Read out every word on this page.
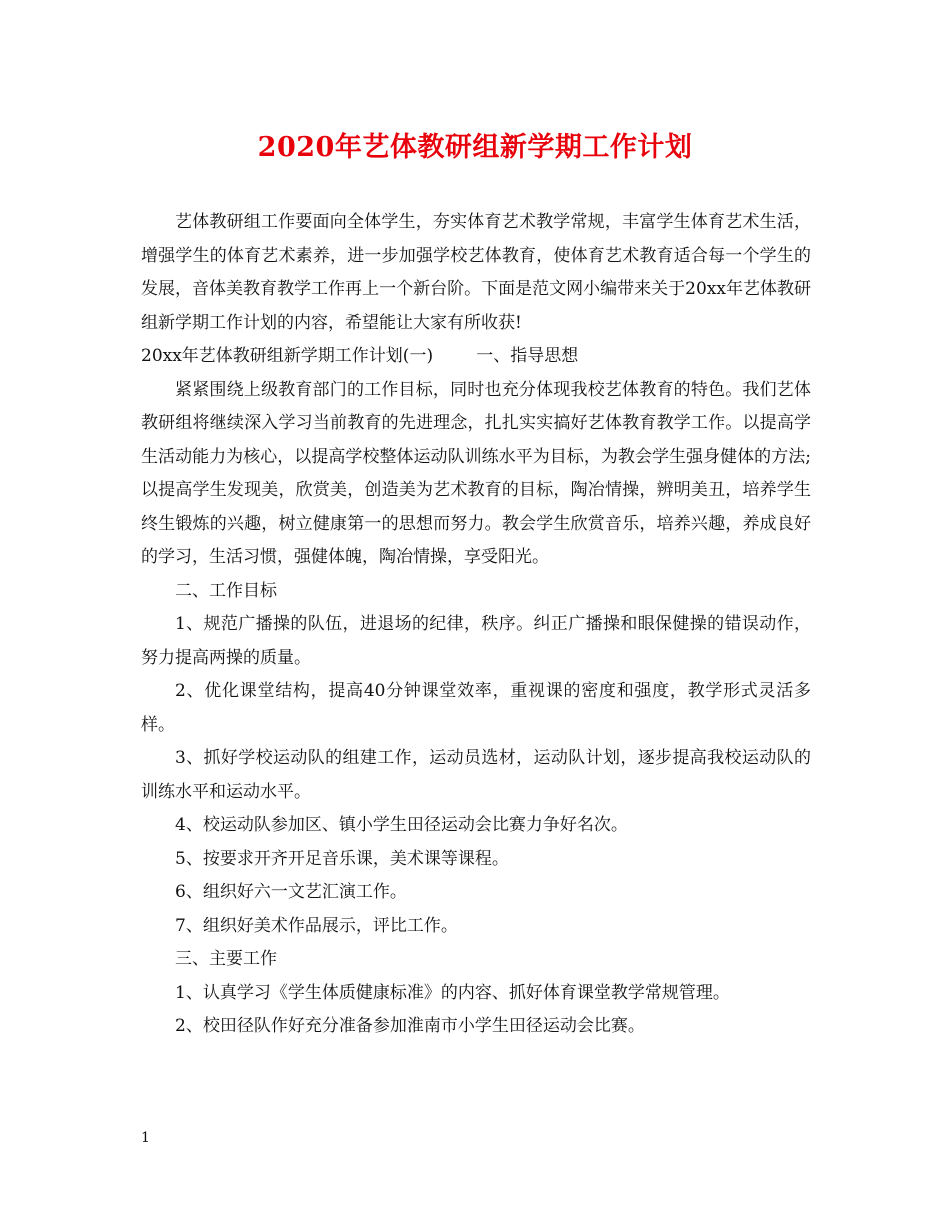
2020年艺体教研组新学期工作计划

艺体教研组工作要面向全体学生，夯实体育艺术教学常规，丰富学生体育艺术生活，增强学生的体育艺术素养，进一步加强学校艺体教育，使体育艺术教育适合每一个学生的发展，音体美教育教学工作再上一个新台阶。下面是范文网小编带来关于20xx年艺体教研组新学期工作计划的内容，希望能让大家有所收获!

20xx年艺体教研组新学期工作计划(一)        一、指导思想

紧紧围绕上级教育部门的工作目标，同时也充分体现我校艺体教育的特色。我们艺体教研组将继续深入学习当前教育的先进理念，扎扎实实搞好艺体教育教学工作。以提高学生活动能力为核心，以提高学校整体运动队训练水平为目标，为教会学生强身健体的方法;以提高学生发现美，欣赏美，创造美为艺术教育的目标，陶冶情操，辨明美丑，培养学生终生锻炼的兴趣，树立健康第一的思想而努力。教会学生欣赏音乐，培养兴趣，养成良好的学习，生活习惯，强健体魄，陶冶情操，享受阳光。

二、工作目标

1、规范广播操的队伍，进退场的纪律，秩序。纠正广播操和眼保健操的错误动作，努力提高两操的质量。

2、优化课堂结构，提高40分钟课堂效率，重视课的密度和强度，教学形式灵活多样。

3、抓好学校运动队的组建工作，运动员选材，运动队计划，逐步提高我校运动队的训练水平和运动水平。

4、校运动队参加区、镇小学生田径运动会比赛力争好名次。

5、按要求开齐开足音乐课，美术课等课程。

6、组织好六一文艺汇演工作。

7、组织好美术作品展示，评比工作。

三、主要工作

1、认真学习《学生体质健康标准》的内容、抓好体育课堂教学常规管理。

2、校田径队作好充分准备参加淮南市小学生田径运动会比赛。

1
